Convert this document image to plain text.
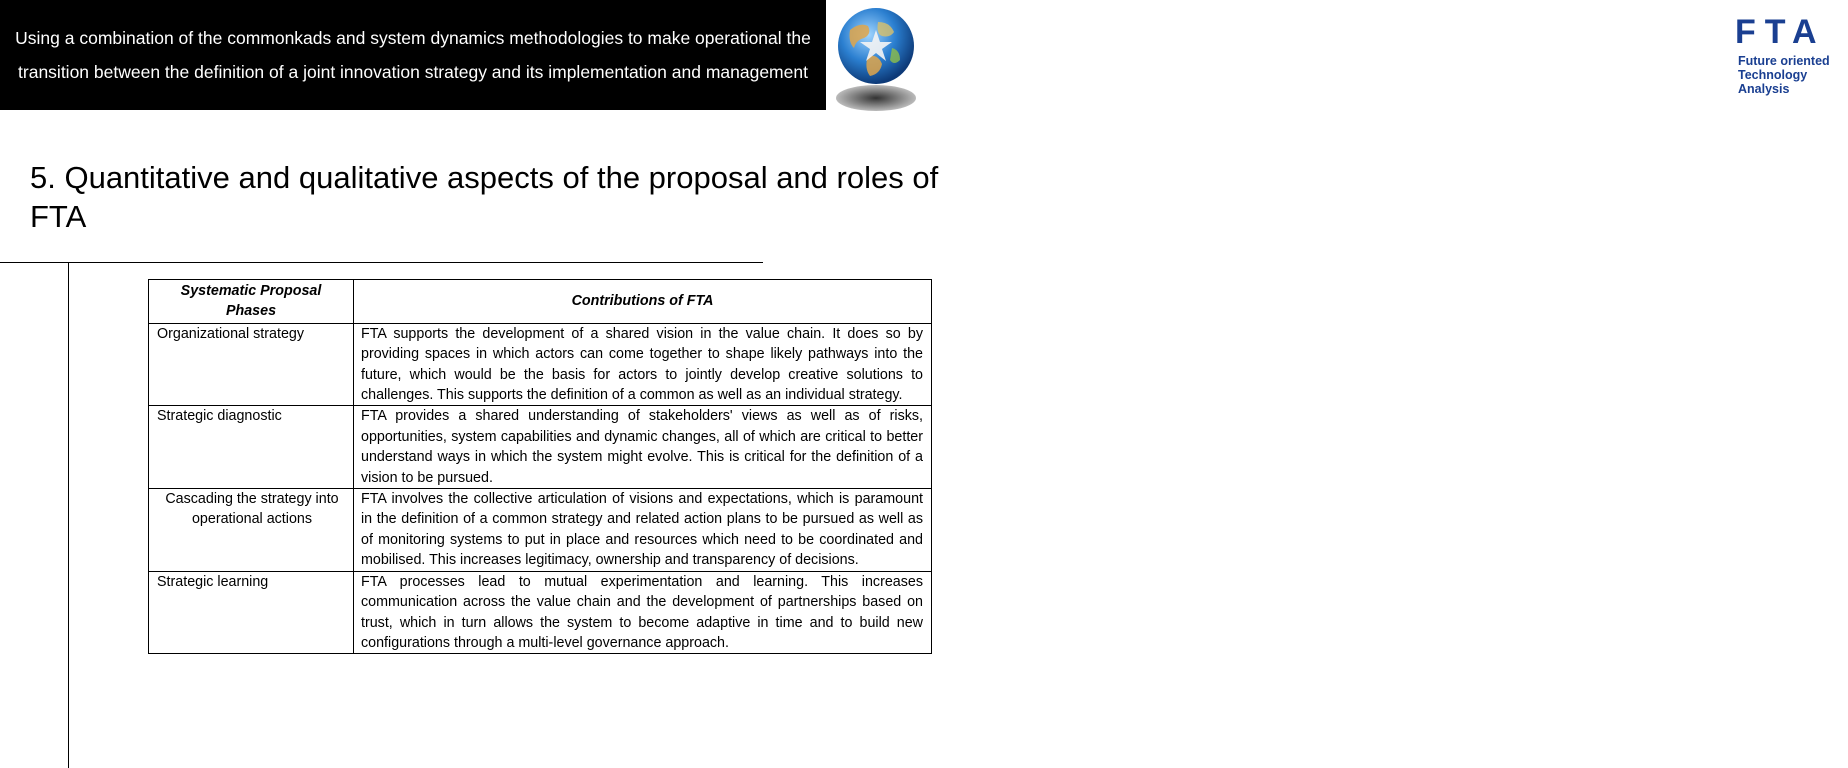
Using a combination of the commonkads and system dynamics methodologies to make operational the transition between the definition of a joint innovation strategy and its implementation and management
FTA
Future oriented
Technology
Analysis
5. Quantitative and qualitative aspects of the proposal and roles of FTA
Systematic Proposal Phases	Contributions of FTA
Organizational strategy	FTA supports the development of a shared vision in the value chain. It does so by providing spaces in which actors can come together to shape likely pathways into the future, which would be the basis for actors to jointly develop creative solutions to challenges. This supports the definition of a common as well as an individual strategy.
Strategic diagnostic	FTA provides a shared understanding of stakeholders' views as well as of risks, opportunities, system capabilities and dynamic changes, all of which are critical to better understand ways in which the system might evolve. This is critical for the definition of a vision to be pursued.
Cascading the strategy into operational actions	FTA involves the collective articulation of visions and expectations, which is paramount in the definition of a common strategy and related action plans to be pursued as well as of monitoring systems to put in place and resources which need to be coordinated and mobilised. This increases legitimacy, ownership and transparency of decisions.
Strategic learning	FTA processes lead to mutual experimentation and learning. This increases communication across the value chain and the development of partnerships based on trust, which in turn allows the system to become adaptive in time and to build new configurations through a multi-level governance approach.
